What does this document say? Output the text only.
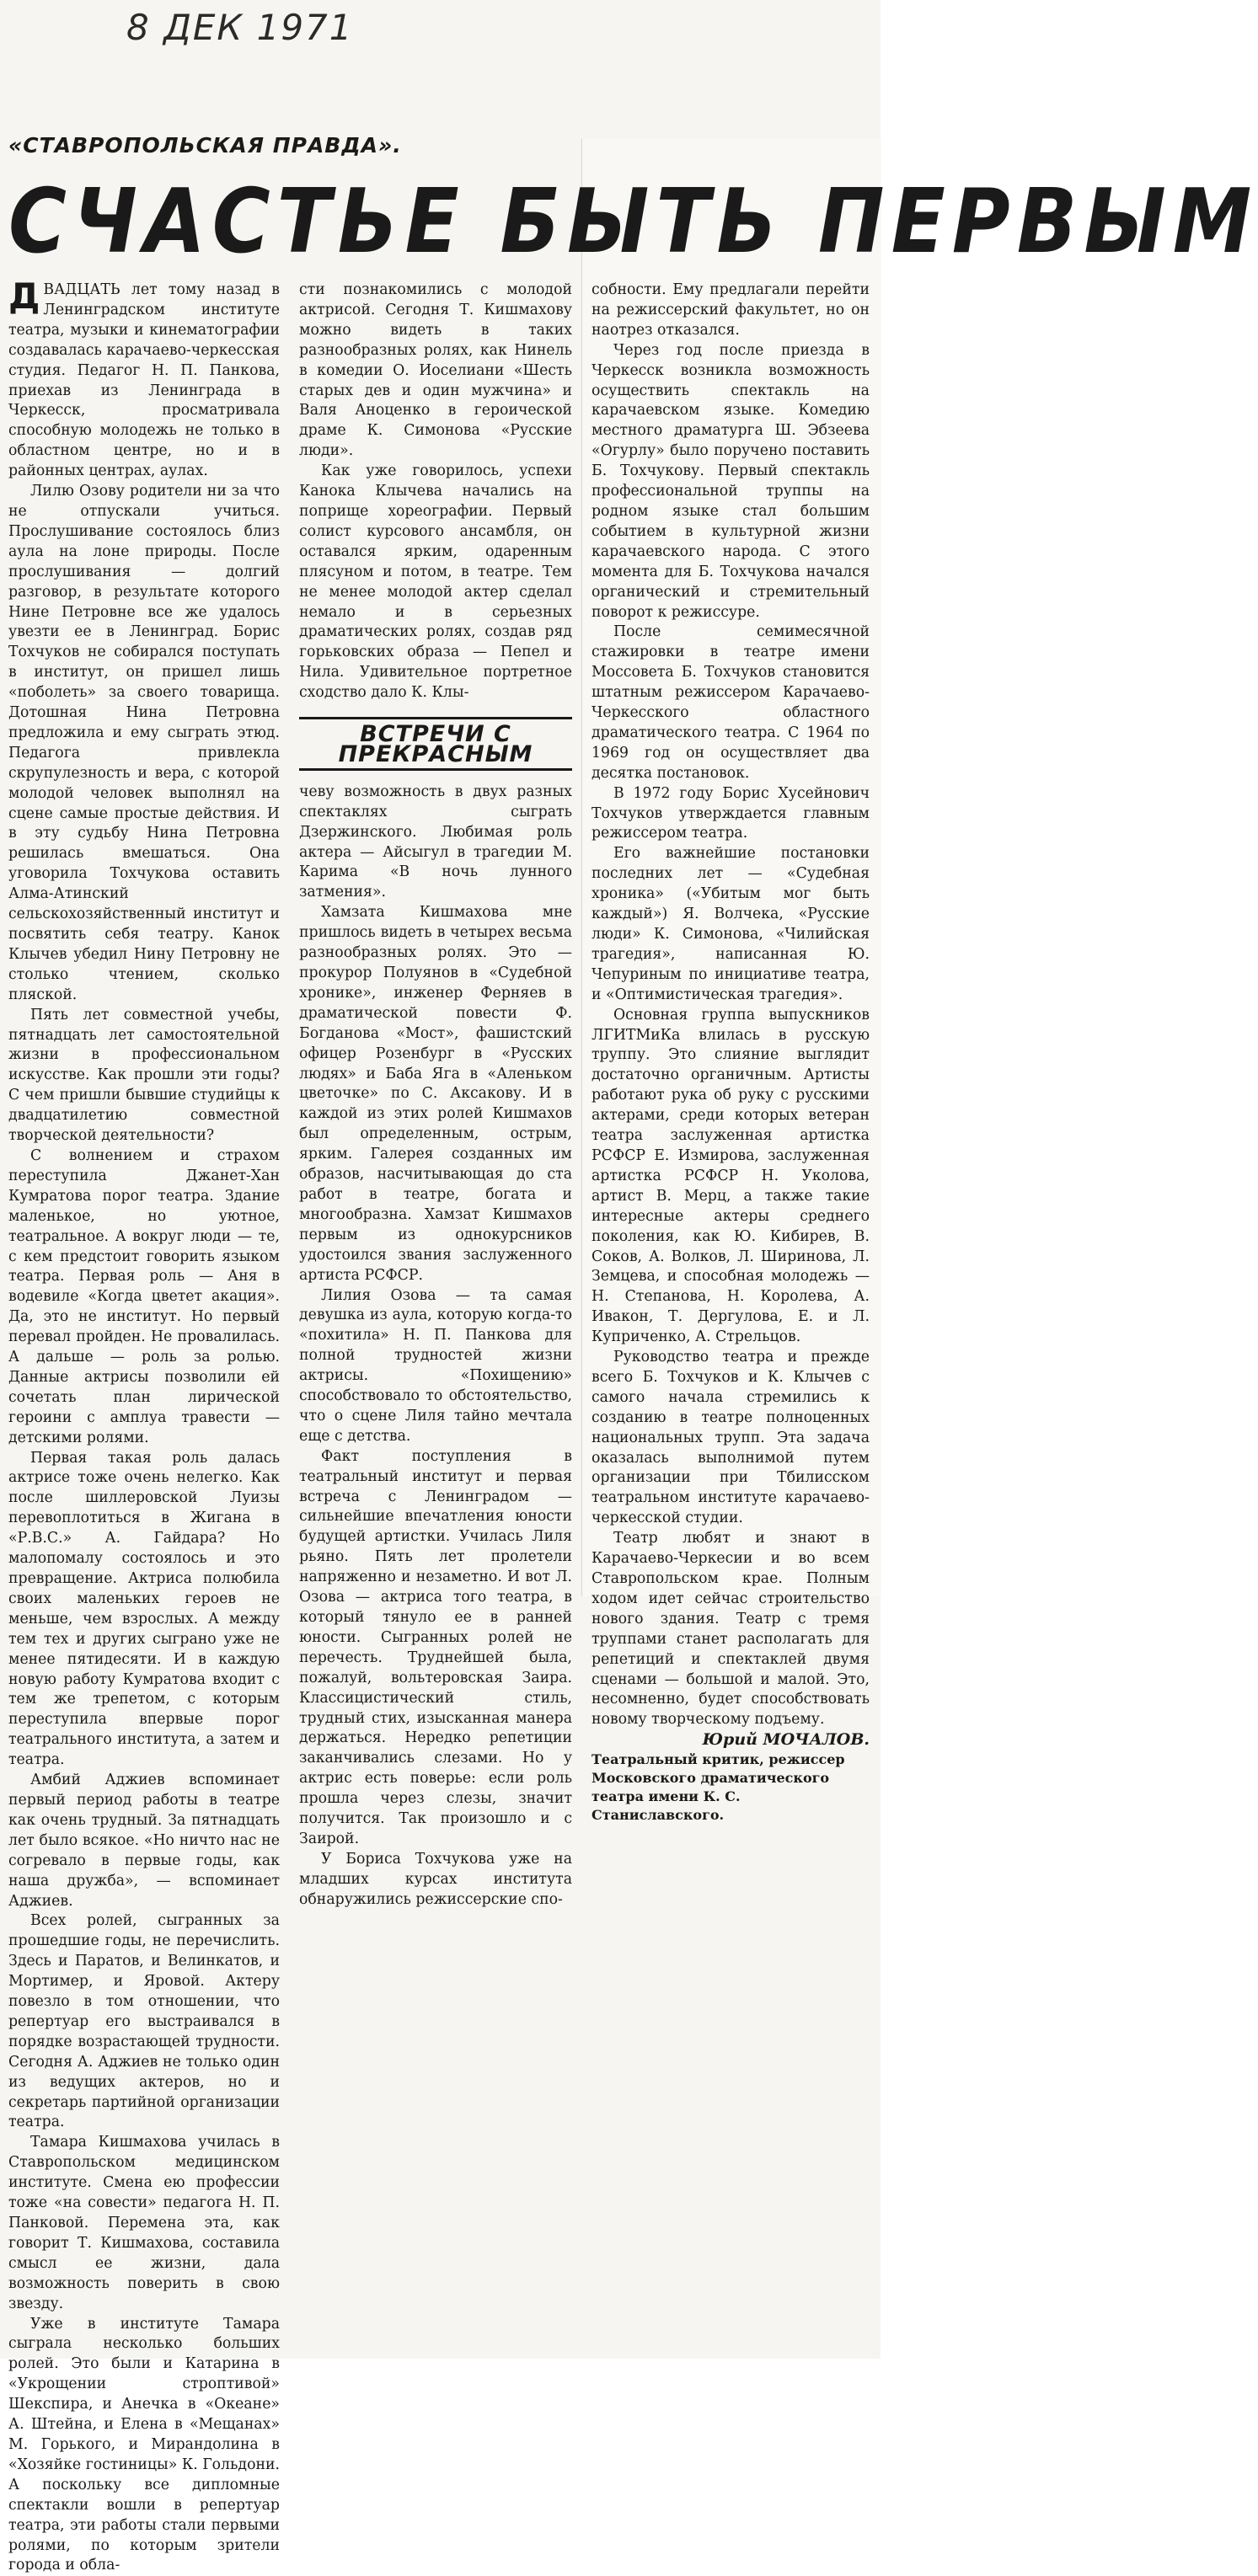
8 ДЕК 1971
«СТАВРОПОЛЬСКАЯ ПРАВДА».
СЧАСТЬЕ БЫТЬ ПЕРВЫМ

ДВАДЦАТЬ лет тому назад в Ленинградском институте театра, музыки и кинематографии создавалась карачаево-черкесская студия. Педагог Н. П. Панкова, приехав из Ленинграда в Черкесск, просматривала способную молодежь не только в областном центре, но и в районных центрах, аулах.

Лилю Озову родители ни за что не отпускали учиться. Прослушивание состоялось близ аула на лоне природы. После прослушивания — долгий разговор, в результате которого Нине Петровне все же удалось увезти ее в Ленинград. Борис Тохчуков не собирался поступать в институт, он пришел лишь «поболеть» за своего товарища. Дотошная Нина Петровна предложила и ему сыграть этюд. Педагога привлекла скрупулезность и вера, с которой молодой человек выполнял на сцене самые простые действия. И в эту судьбу Нина Петровна решилась вмешаться. Она уговорила Тохчукова оставить Алма-Атинский сельскохозяйственный институт и посвятить себя театру. Канок Клычев убедил Нину Петровну не столько чтением, сколько пляской.

Пять лет совместной учебы, пятнадцать лет самостоятельной жизни в профессиональном искусстве. Как прошли эти годы? С чем пришли бывшие студийцы к двадцатилетию совместной творческой деятельности?

С волнением и страхом переступила Джанет-Хан Кумратова порог театра. Здание маленькое, но уютное, театральное. А вокруг люди — те, с кем предстоит говорить языком театра. Первая роль — Аня в водевиле «Когда цветет акация». Да, это не институт. Но первый перевал пройден. Не провалилась. А дальше — роль за ролью. Данные актрисы позволили ей сочетать план лирической героини с амплуа травести — детскими ролями.

Первая такая роль далась актрисе тоже очень нелегко. Как после шиллеровской Луизы перевоплотиться в Жиганa в «Р.В.С.» А. Гайдара? Но малопомалу состоялось и это превращение. Актриса полюбила своих маленьких героев не меньше, чем взрослых. А между тем тех и других сыграно уже не менее пятидесяти. И в каждую новую работу Кумратова входит с тем же трепетом, с которым переступила впервые порог театрального института, а затем и театра.

Амбий Аджиев вспоминает первый период работы в театре как очень трудный. За пятнадцать лет было всякое. «Но ничто нас не согревало в первые годы, как наша дружба», — вспоминает Аджиев.

Всех ролей, сыгранных за прошедшие годы, не перечислить. Здесь и Паратов, и Велинкатов, и Мортимер, и Яровой. Актеру повезло в том отношении, что репертуар его выстраивался в порядке возрастающей трудности. Сегодня А. Аджиев не только один из ведущих актеров, но и секретарь партийной организации театра.

Тамара Кишмахова училась в Ставропольском медицинском институте. Смена ею профессии тоже «на совести» педагога Н. П. Панковой. Перемена эта, как говорит Т. Кишмахова, составила смысл ее жизни, дала возможность поверить в свою звезду.

Уже в институте Тамара сыграла несколько больших ролей. Это были и Катарина в «Укрощении строптивой» Шекспира, и Анечка в «Океане» А. Штейна, и Елена в «Мещанах» М. Горького, и Мирандолина в «Хозяйке гостиницы» К. Гольдони. А поскольку все дипломные спектакли вошли в репертуар театра, эти работы стали первыми ролями, по которым зрители города и обла-

сти познакомились с молодой актрисой. Сегодня Т. Кишмахову можно видеть в таких разнообразных ролях, как Нинель в комедии О. Иоселиани «Шесть старых дев и один мужчина» и Валя Аноценко в героической драме К. Симонова «Русские люди».

Как уже говорилось, успехи Канока Клычева начались на поприще хореографии. Первый солист курсового ансамбля, он оставался ярким, одаренным плясуном и потом, в театре. Тем не менее молодой актер сделал немало и в серьезных драматических ролях, создав ряд горьковских образа — Пепел и Нила. Удивительное портретное сходство дало К. Клы-

ВСТРЕЧИ С ПРЕКРАСНЫМ

чеву возможность в двух разных спектаклях сыграть Дзержинского. Любимая роль актера — Айсыгул в трагедии М. Карима «В ночь лунного затмения».

Хамзата Кишмахова мне пришлось видеть в четырех весьма разнообразных ролях. Это — прокурор Полуянов в «Судебной хронике», инженер Ферняев в драматической повести Ф. Богданова «Мост», фашистский офицер Розенбург в «Русских людях» и Баба Яга в «Аленьком цветочке» по С. Аксакову. И в каждой из этих ролей Кишмахов был определенным, острым, ярким. Галерея созданных им образов, насчитывающая до ста работ в театре, богата и многообразна. Хамзат Кишмахов первым из однокурсников удостоился звания заслуженного артиста РСФСР.

Лилия Озова — та самая девушка из аула, которую когда-то «похитила» Н. П. Панкова для полной трудностей жизни актрисы. «Похищению» способствовало то обстоятельство, что о сцене Лиля тайно мечтала еще с детства.

Факт поступления в театральный институт и первая встреча с Ленинградом — сильнейшие впечатления юности будущей артистки. Училась Лиля рьяно. Пять лет пролетели напряженно и незаметно. И вот Л. Озова — актриса того театра, в который тянуло ее в ранней юности. Сыгранных ролей не перечесть. Труднейшей была, пожалуй, вольтеровская Заира. Классицистический стиль, трудный стих, изысканная манера держаться. Нередко репетиции заканчивались слезами. Но у актрис есть поверье: если роль прошла через слезы, значит получится. Так произошло и с Заирой.

У Бориса Тохчукова уже на младших курсах института обнаружились режиссерские спо-

собности. Ему предлагали перейти на режиссерский факультет, но он наотрез отказался.

Через год после приезда в Черкесск возникла возможность осуществить спектакль на карачаевском языке. Комедию местного драматурга Ш. Эбзеева «Огурлу» было поручено поставить Б. Тохчукову. Первый спектакль профессиональной труппы на родном языке стал большим событием в культурной жизни карачаевского народа. С этого момента для Б. Тохчукова начался органический и стремительный поворот к режиссуре.

После семимесячной стажировки в театре имени Моссовета Б. Тохчуков становится штатным режиссером Карачаево-Черкесского областного драматического театра. С 1964 по 1969 год он осуществляет два десятка постановок.

В 1972 году Борис Хусейнович Тохчуков утверждается главным режиссером театра.

Его важнейшие постановки последних лет — «Судебная хроника» («Убитым мог быть каждый») Я. Волчека, «Русские люди» К. Симонова, «Чилийская трагедия», написанная Ю. Чепуриным по инициативе театра, и «Оптимистическая трагедия».

Основная группа выпускников ЛГИТМиКа влилась в русскую труппу. Это слияние выглядит достаточно органичным. Артисты работают рука об руку с русскими актерами, среди которых ветеран театра заслуженная артистка РСФСР Е. Измирова, заслуженная артистка РСФСР Н. Уколова, артист В. Мерц, а также такие интересные актеры среднего поколения, как Ю. Кибирев, В. Соков, А. Волков, Л. Ширинова, Л. Земцева, и способная молодежь — Н. Степанова, Н. Королева, А. Ивакон, Т. Дергулова, Е. и Л. Куприченко, А. Стрельцов.

Руководство театра и прежде всего Б. Тохчуков и К. Клычев с самого начала стремились к созданию в театре полноценных национальных трупп. Эта задача оказалась выполнимой путем организации при Тбилисском театральном институте карачаево-черкесской студии.

Театр любят и знают в Карачаево-Черкесии и во всем Ставропольском крае. Полным ходом идет сейчас строительство нового здания. Театр с тремя труппами станет располагать для репетиций и спектаклей двумя сценами — большой и малой. Это, несомненно, будет способствовать новому творческому подъему.

Юрий МОЧАЛОВ.

Театральный критик, режиссер Московского драматического театра имени К. С. Станиславского.
